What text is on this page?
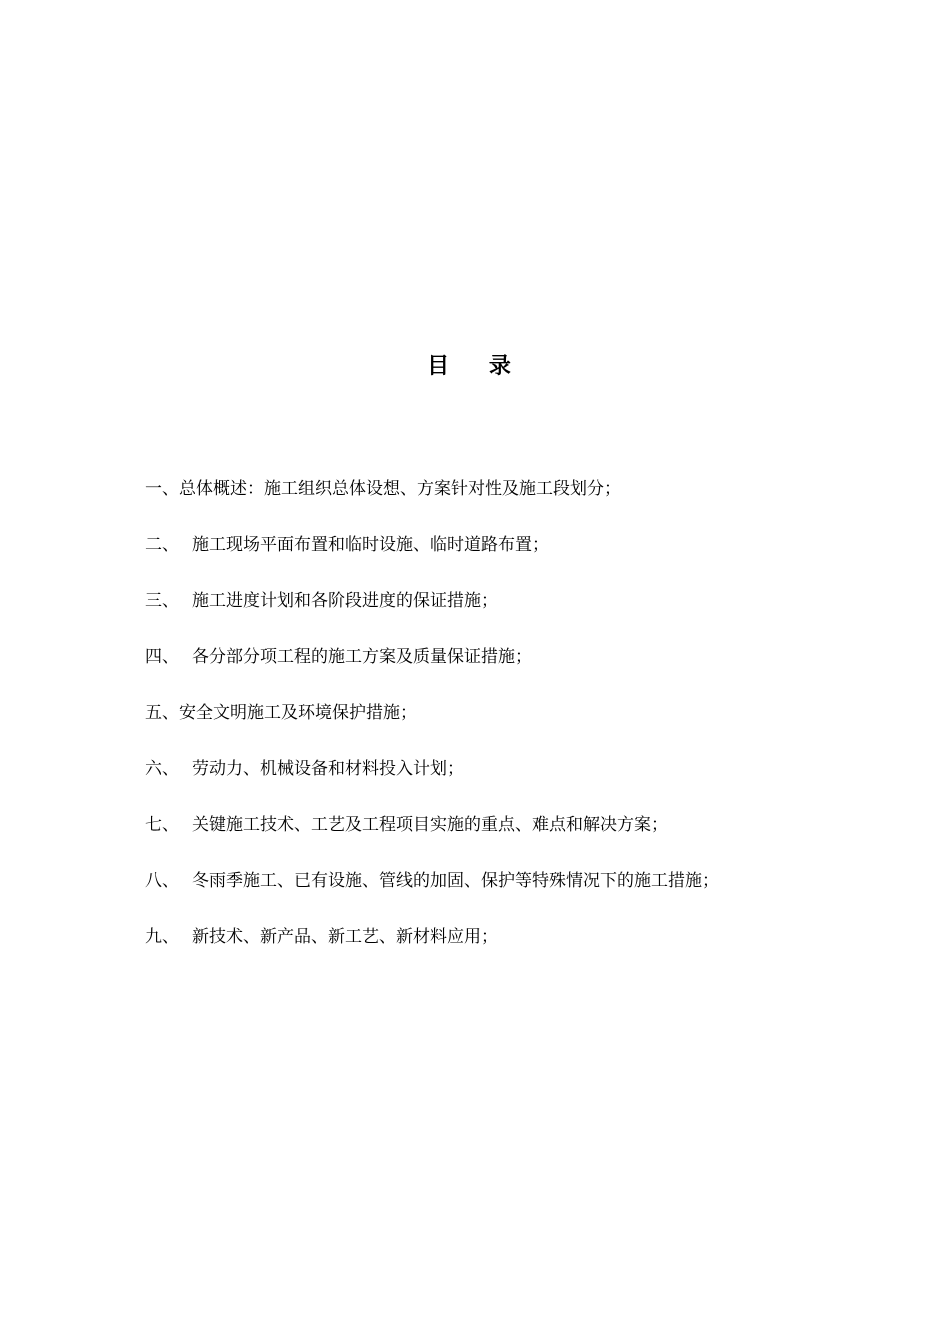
目 录
一、总体概述：施工组织总体设想、方案针对性及施工段划分；
二、 施工现场平面布置和临时设施、临时道路布置；
三、 施工进度计划和各阶段进度的保证措施；
四、 各分部分项工程的施工方案及质量保证措施；
五、安全文明施工及环境保护措施；
六、 劳动力、机械设备和材料投入计划；
七、 关键施工技术、工艺及工程项目实施的重点、难点和解决方案；
八、 冬雨季施工、已有设施、管线的加固、保护等特殊情况下的施工措施；
九、 新技术、新产品、新工艺、新材料应用；
